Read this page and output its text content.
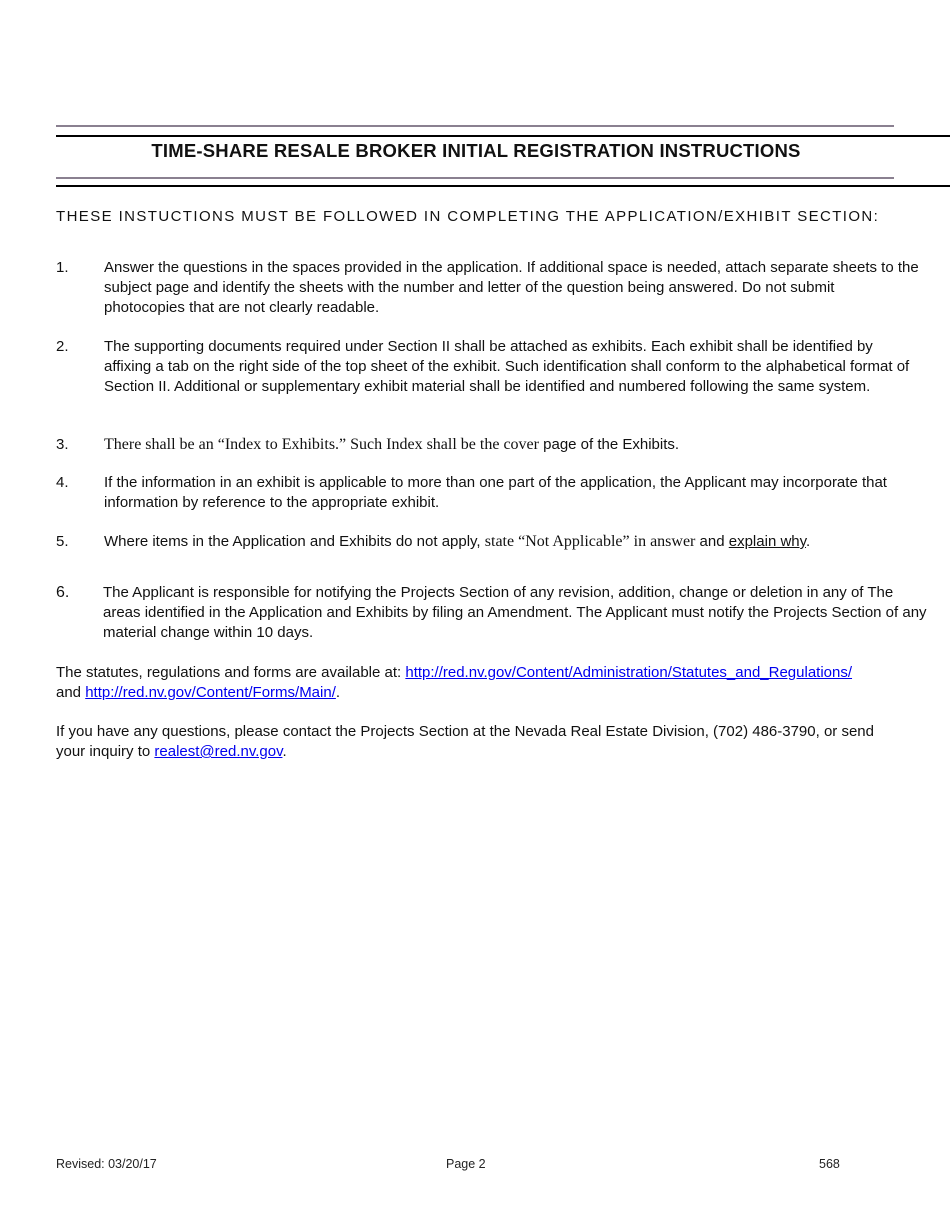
TIME-SHARE RESALE BROKER INITIAL REGISTRATION INSTRUCTIONS
THESE INSTUCTIONS MUST BE FOLLOWED IN COMPLETING THE APPLICATION/EXHIBIT SECTION:
1. Answer the questions in the spaces provided in the application. If additional space is needed, attach separate sheets to the subject page and identify the sheets with the number and letter of the question being answered. Do not submit photocopies that are not clearly readable.
2. The supporting documents required under Section II shall be attached as exhibits. Each exhibit shall be identified by affixing a tab on the right side of the top sheet of the exhibit. Such identification shall conform to the alphabetical format of Section II. Additional or supplementary exhibit material shall be identified and numbered following the same system.
3. There shall be an “Index to Exhibits.” Such Index shall be the cover page of the Exhibits.
4. If the information in an exhibit is applicable to more than one part of the application, the Applicant may incorporate that information by reference to the appropriate exhibit.
5. Where items in the Application and Exhibits do not apply, state “Not Applicable” in answer and explain why.
6. The Applicant is responsible for notifying the Projects Section of any revision, addition, change or deletion in any of The areas identified in the Application and Exhibits by filing an Amendment. The Applicant must notify the Projects Section of any material change within 10 days.
The statutes, regulations and forms are available at: http://red.nv.gov/Content/Administration/Statutes_and_Regulations/
and http://red.nv.gov/Content/Forms/Main/.
If you have any questions, please contact the Projects Section at the Nevada Real Estate Division, (702) 486-3790, or send your inquiry to realest@red.nv.gov.
Revised: 03/20/17	Page 2	568
